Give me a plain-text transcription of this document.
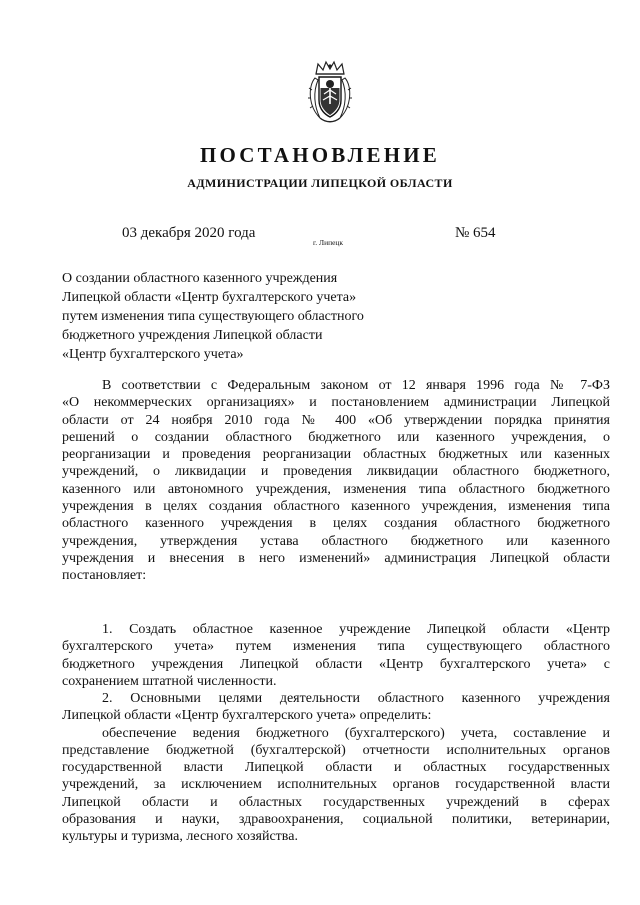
ПОСТАНОВЛЕНИЕ
АДМИНИСТРАЦИИ ЛИПЕЦКОЙ ОБЛАСТИ
03 декабря 2020 года
г. Липецк
№ 654
О создании областного казенного учреждения
Липецкой области «Центр бухгалтерского учета»
путем изменения типа существующего областного
бюджетного учреждения Липецкой области
«Центр бухгалтерского учета»
В соответствии с Федеральным законом от 12 января 1996 года № 7-ФЗ
«О некоммерческих организациях» и постановлением администрации Липецкой
области от 24 ноября 2010 года № 400 «Об утверждении порядка принятия
решений о создании областного бюджетного или казенного учреждения, о
реорганизации и проведения реорганизации областных бюджетных или казенных
учреждений, о ликвидации и проведения ликвидации областного бюджетного,
казенного или автономного учреждения, изменения типа областного бюджетного
учреждения в целях создания областного казенного учреждения, изменения типа
областного казенного учреждения в целях создания областного бюджетного
учреждения, утверждения устава областного бюджетного или казенного
учреждения и внесения в него изменений» администрация Липецкой области
постановляет:
1. Создать областное казенное учреждение Липецкой области «Центр
бухгалтерского учета» путем изменения типа существующего областного
бюджетного учреждения Липецкой области «Центр бухгалтерского учета» с
сохранением штатной численности.
2. Основными целями деятельности областного казенного учреждения
Липецкой области «Центр бухгалтерского учета» определить:
обеспечение ведения бюджетного (бухгалтерского) учета, составление и
представление бюджетной (бухгалтерской) отчетности исполнительных органов
государственной власти Липецкой области и областных государственных
учреждений, за исключением исполнительных органов государственной власти
Липецкой области и областных государственных учреждений в сферах
образования и науки, здравоохранения, социальной политики, ветеринарии,
культуры и туризма, лесного хозяйства.
